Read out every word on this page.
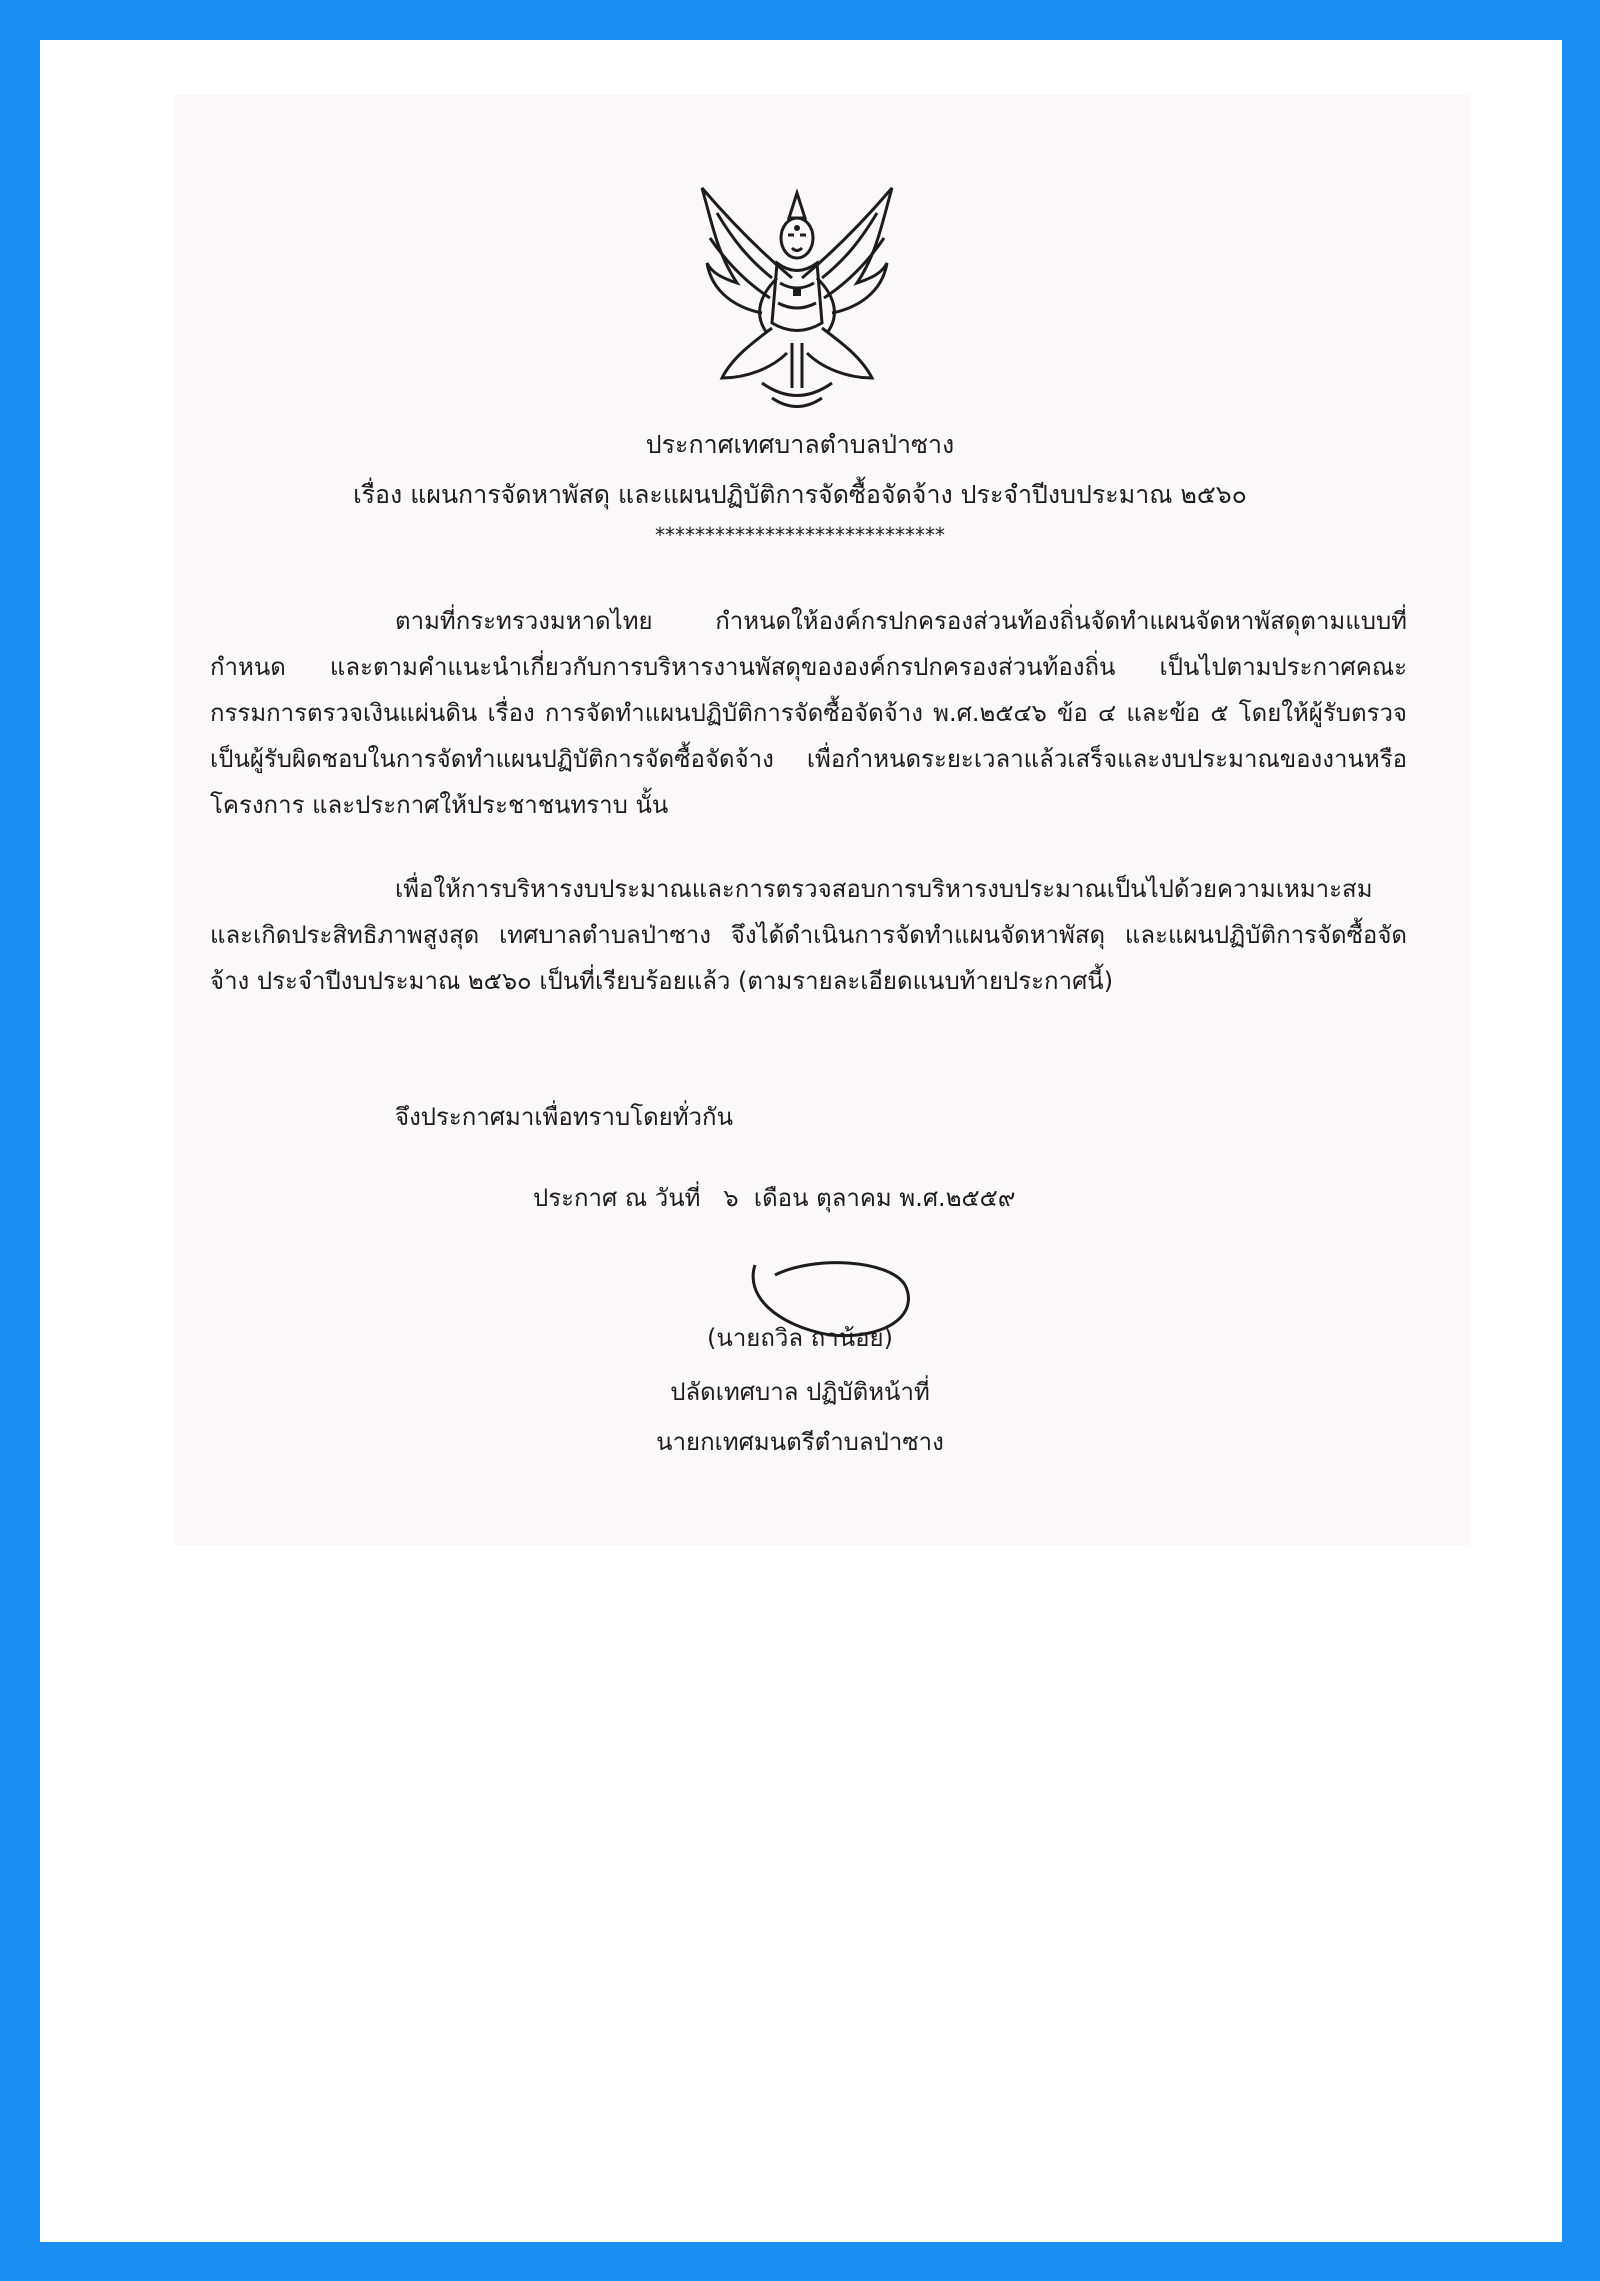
ประกาศเทศบาลตำบลป่าซาง
เรื่อง แผนการจัดหาพัสดุ และแผนปฏิบัติการจัดซื้อจัดจ้าง ประจำปีงบประมาณ ๒๕๖๐
*****************************

ตามที่กระทรวงมหาดไทย กำหนดให้องค์กรปกครองส่วนท้องถิ่นจัดทำแผนจัดหาพัสดุตามแบบที่กำหนด และตามคำแนะนำเกี่ยวกับการบริหารงานพัสดุขององค์กรปกครองส่วนท้องถิ่น เป็นไปตามประกาศคณะกรรมการตรวจเงินแผ่นดิน เรื่อง การจัดทำแผนปฏิบัติการจัดซื้อจัดจ้าง พ.ศ.๒๕๔๖ ข้อ ๔ และข้อ ๕ โดยให้ผู้รับตรวจเป็นผู้รับผิดชอบในการจัดทำแผนปฏิบัติการจัดซื้อจัดจ้าง เพื่อกำหนดระยะเวลาแล้วเสร็จและงบประมาณของงานหรือโครงการ และประกาศให้ประชาชนทราบ นั้น

เพื่อให้การบริหารงบประมาณและการตรวจสอบการบริหารงบประมาณเป็นไปด้วยความเหมาะสม และเกิดประสิทธิภาพสูงสุด เทศบาลตำบลป่าซาง จึงได้ดำเนินการจัดทำแผนจัดหาพัสดุ และแผนปฏิบัติการจัดซื้อจัดจ้าง ประจำปีงบประมาณ ๒๕๖๐ เป็นที่เรียบร้อยแล้ว (ตามรายละเอียดแนบท้ายประกาศนี้)

จึงประกาศมาเพื่อทราบโดยทั่วกัน
ประกาศ ณ วันที่   ๖  เดือน ตุลาคม พ.ศ.๒๕๕๙
(นายถวิล ถาน้อย)
ปลัดเทศบาล ปฏิบัติหน้าที่
นายกเทศมนตรีตำบลป่าซาง
